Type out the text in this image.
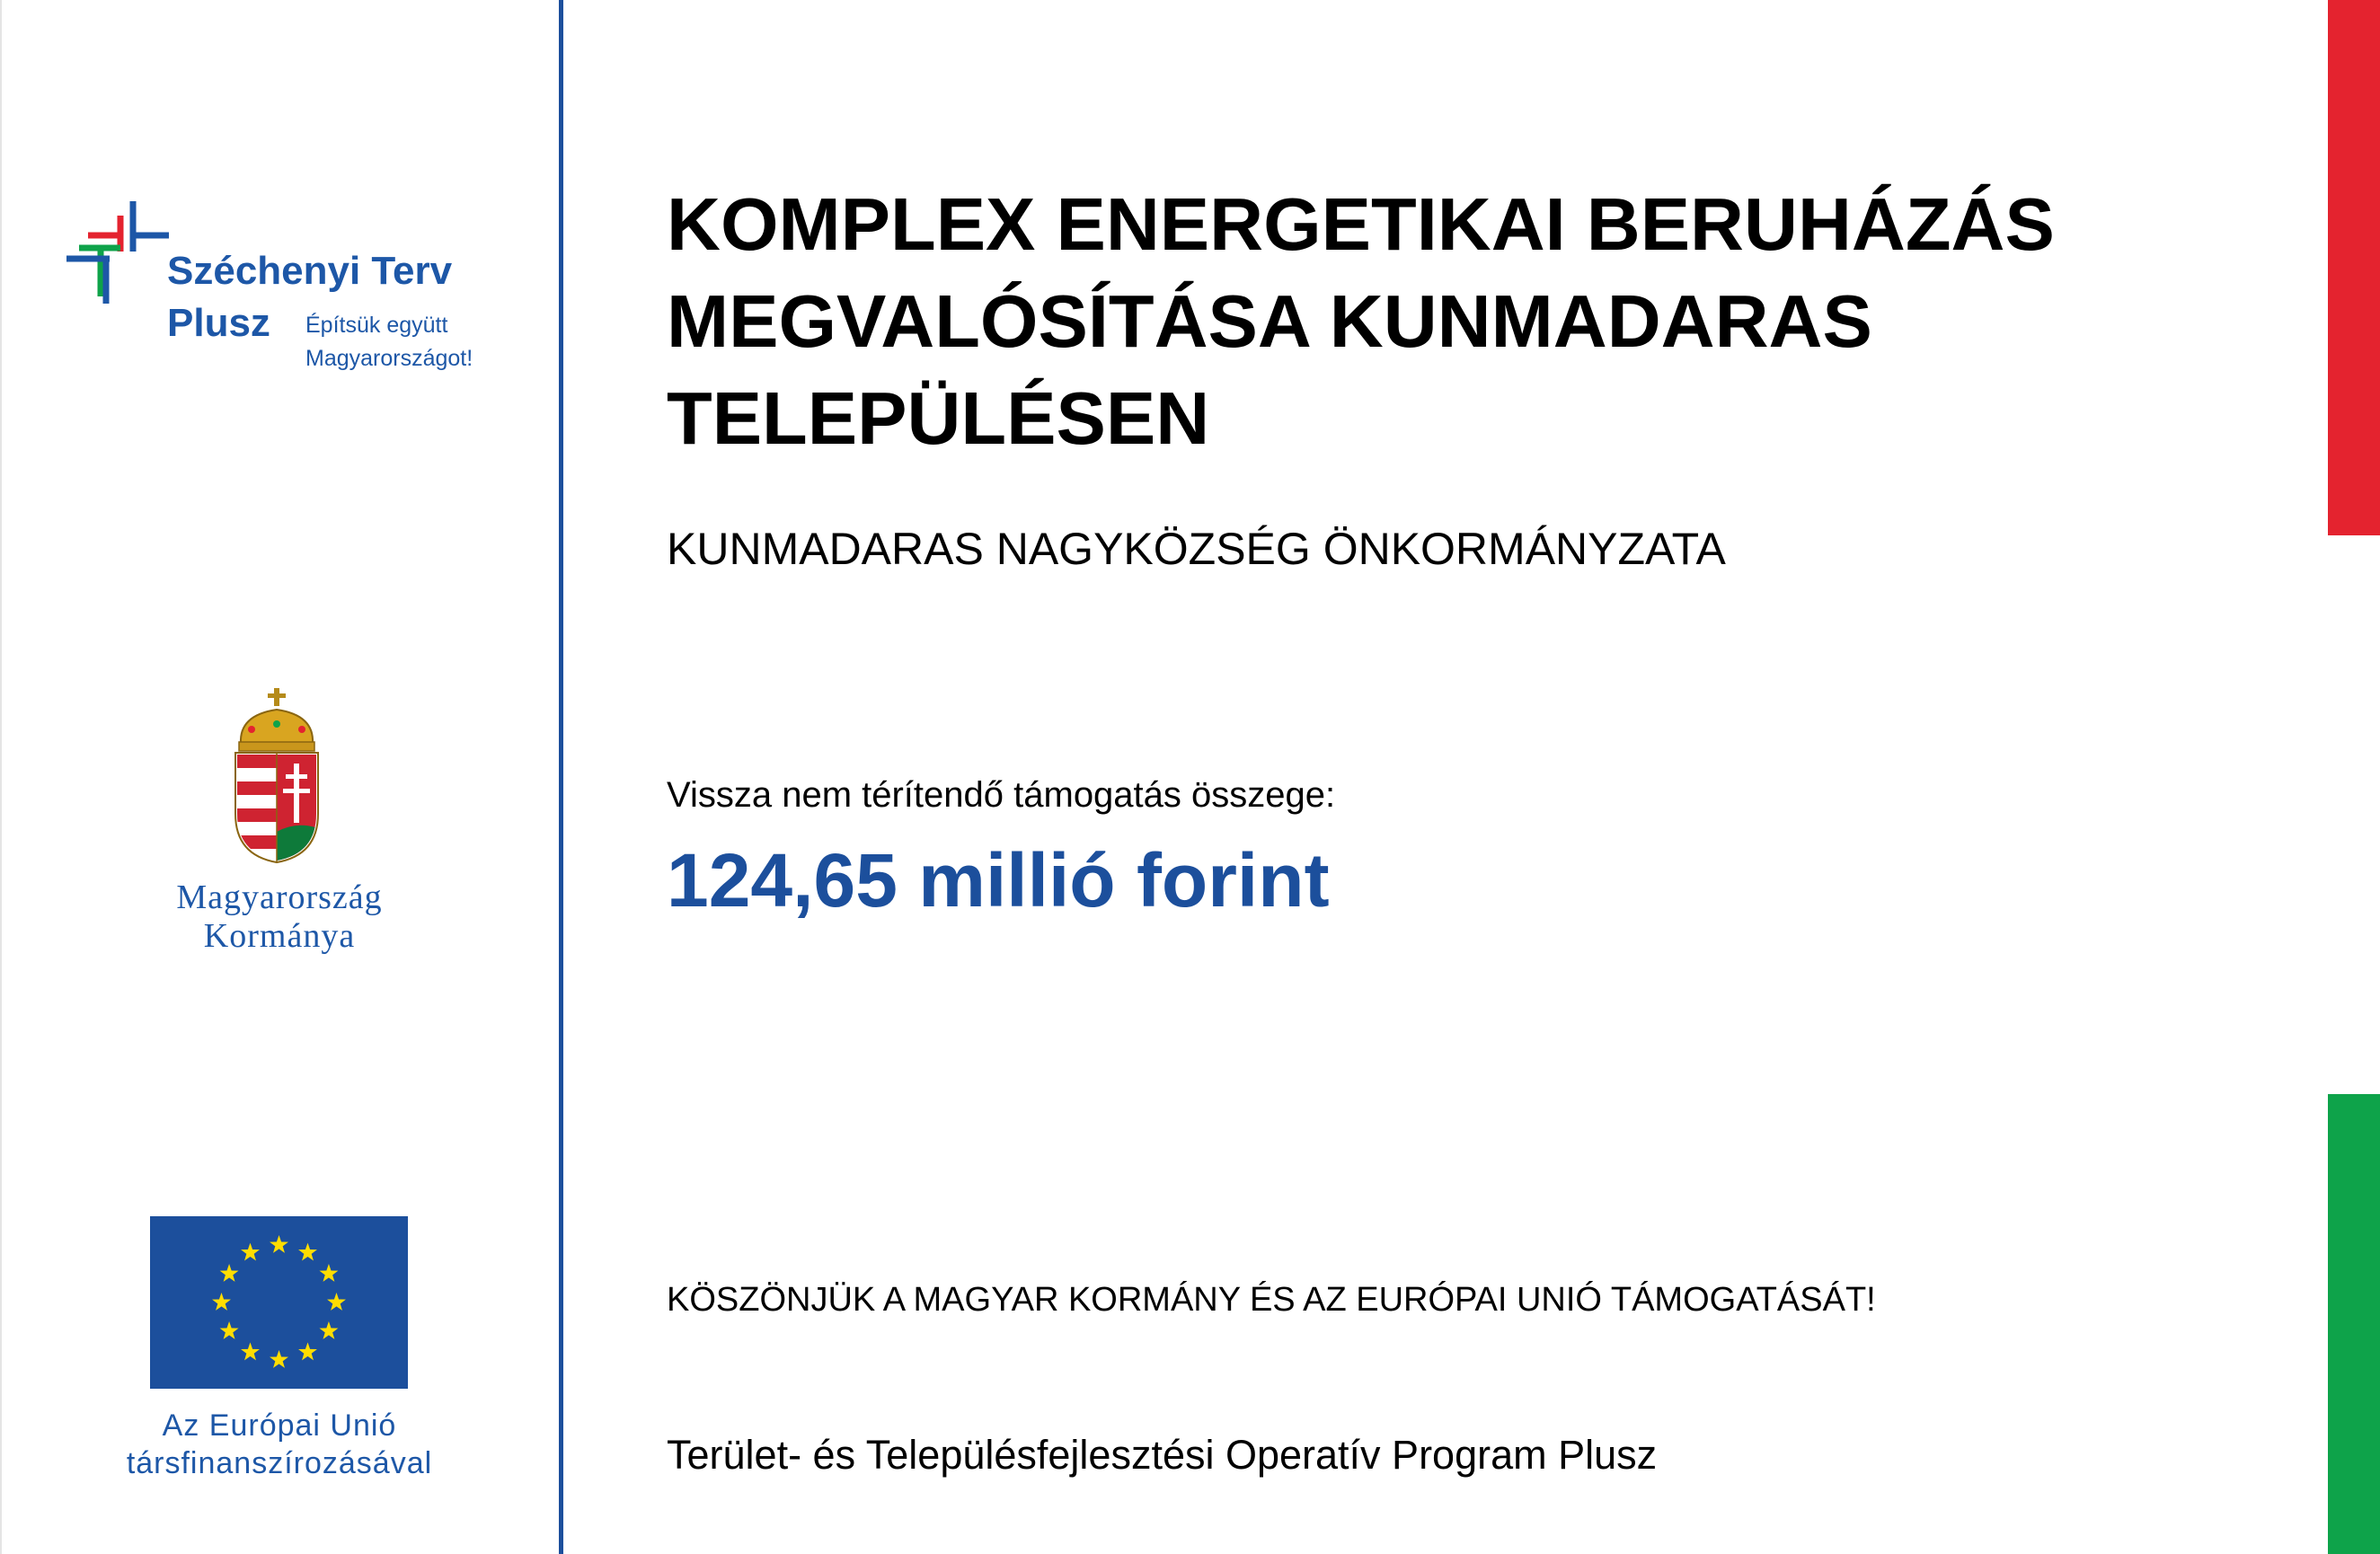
Széchenyi Terv
Plusz Építsük együtt
Magyarországot!
Magyarország
Kormánya
Az Európai Unió
társfinanszírozásával
KOMPLEX ENERGETIKAI BERUHÁZÁS MEGVALÓSÍTÁSA KUNMADARAS TELEPÜLÉSEN
KUNMADARAS NAGYKÖZSÉG ÖNKORMÁNYZATA
Vissza nem térítendő támogatás összege:
124,65 millió forint
KÖSZÖNJÜK A MAGYAR KORMÁNY ÉS AZ EURÓPAI UNIÓ TÁMOGATÁSÁT!
Terület- és Településfejlesztési Operatív Program Plusz
